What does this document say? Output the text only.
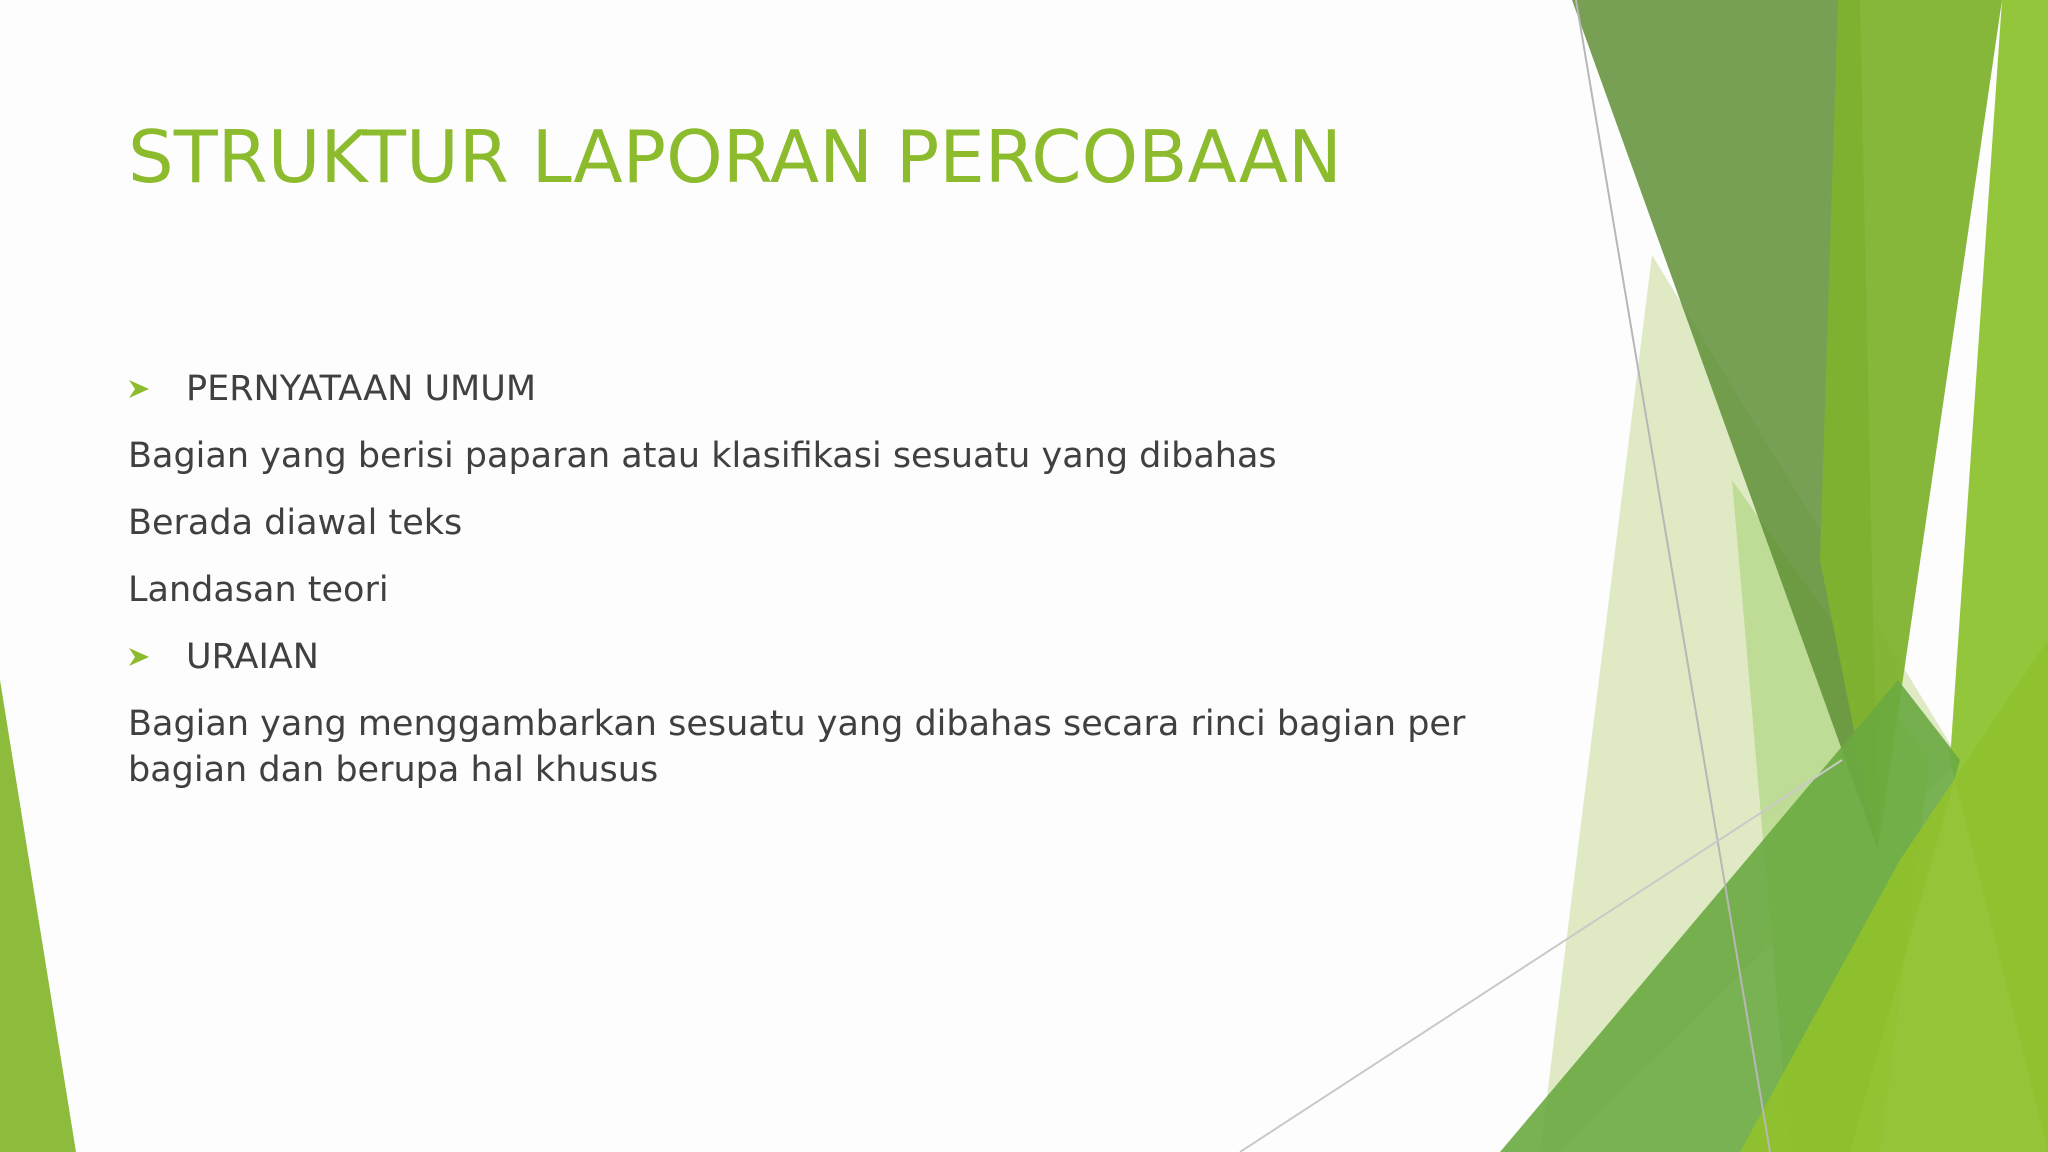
STRUKTUR LAPORAN PERCOBAAN
PERNYATAAN UMUM
Bagian yang berisi paparan atau klasifikasi sesuatu yang dibahas
Berada diawal teks
Landasan teori
URAIAN
Bagian yang menggambarkan sesuatu yang dibahas secara rinci bagian per bagian dan berupa hal khusus
